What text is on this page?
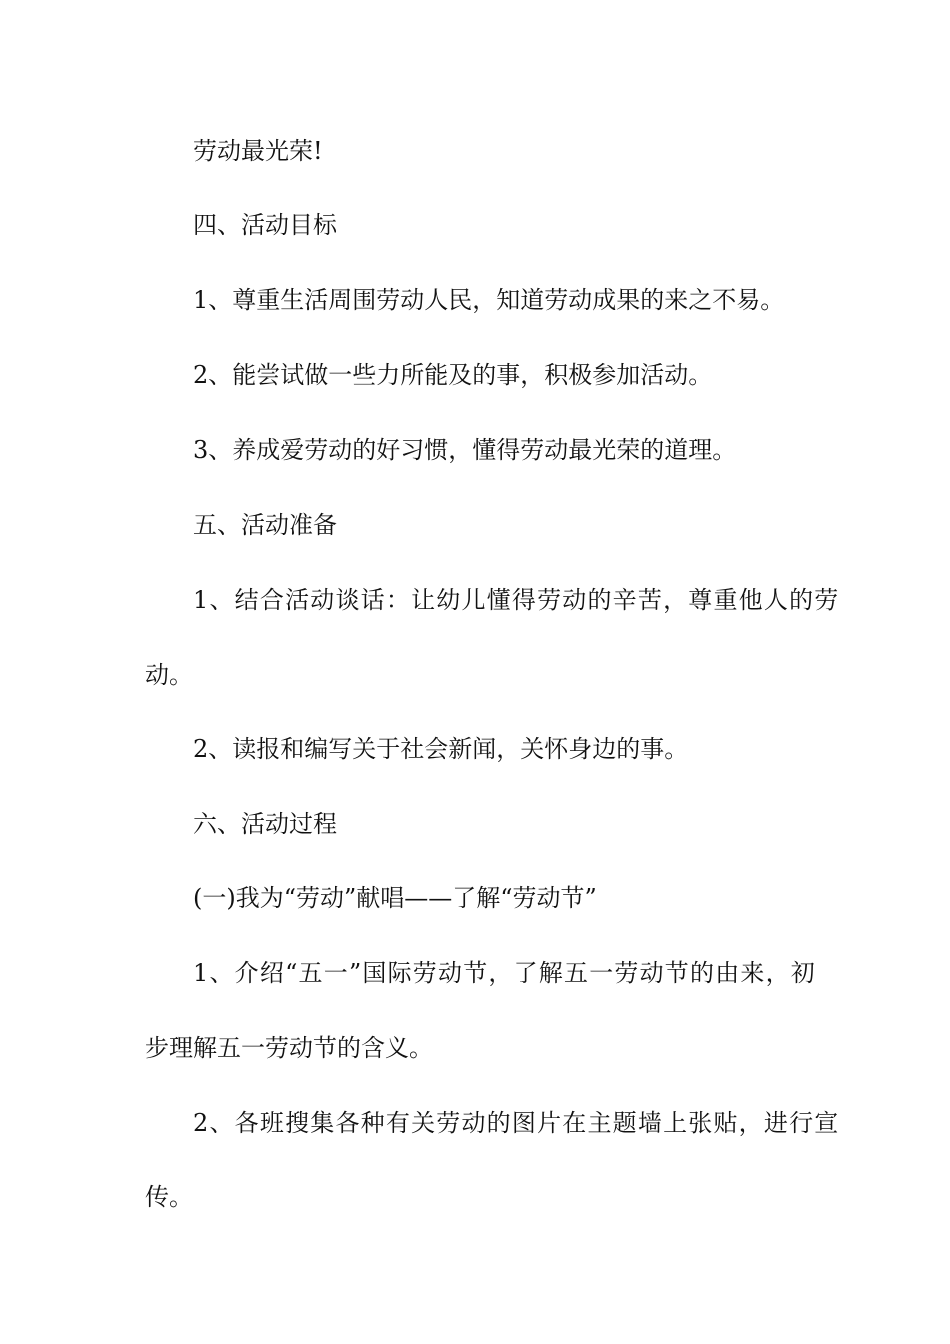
劳动最光荣!

四、活动目标

1、尊重生活周围劳动人民，知道劳动成果的来之不易。

2、能尝试做一些力所能及的事，积极参加活动。

3、养成爱劳动的好习惯，懂得劳动最光荣的道理。

五、活动准备

1、结合活动谈话：让幼儿懂得劳动的辛苦，尊重他人的劳

动。

2、读报和编写关于社会新闻，关怀身边的事。

六、活动过程

(一)我为“劳动”献唱——了解“劳动节”

1、介绍“五一”国际劳动节，了解五一劳动节的由来，初

步理解五一劳动节的含义。

2、各班搜集各种有关劳动的图片在主题墙上张贴，进行宣

传。
